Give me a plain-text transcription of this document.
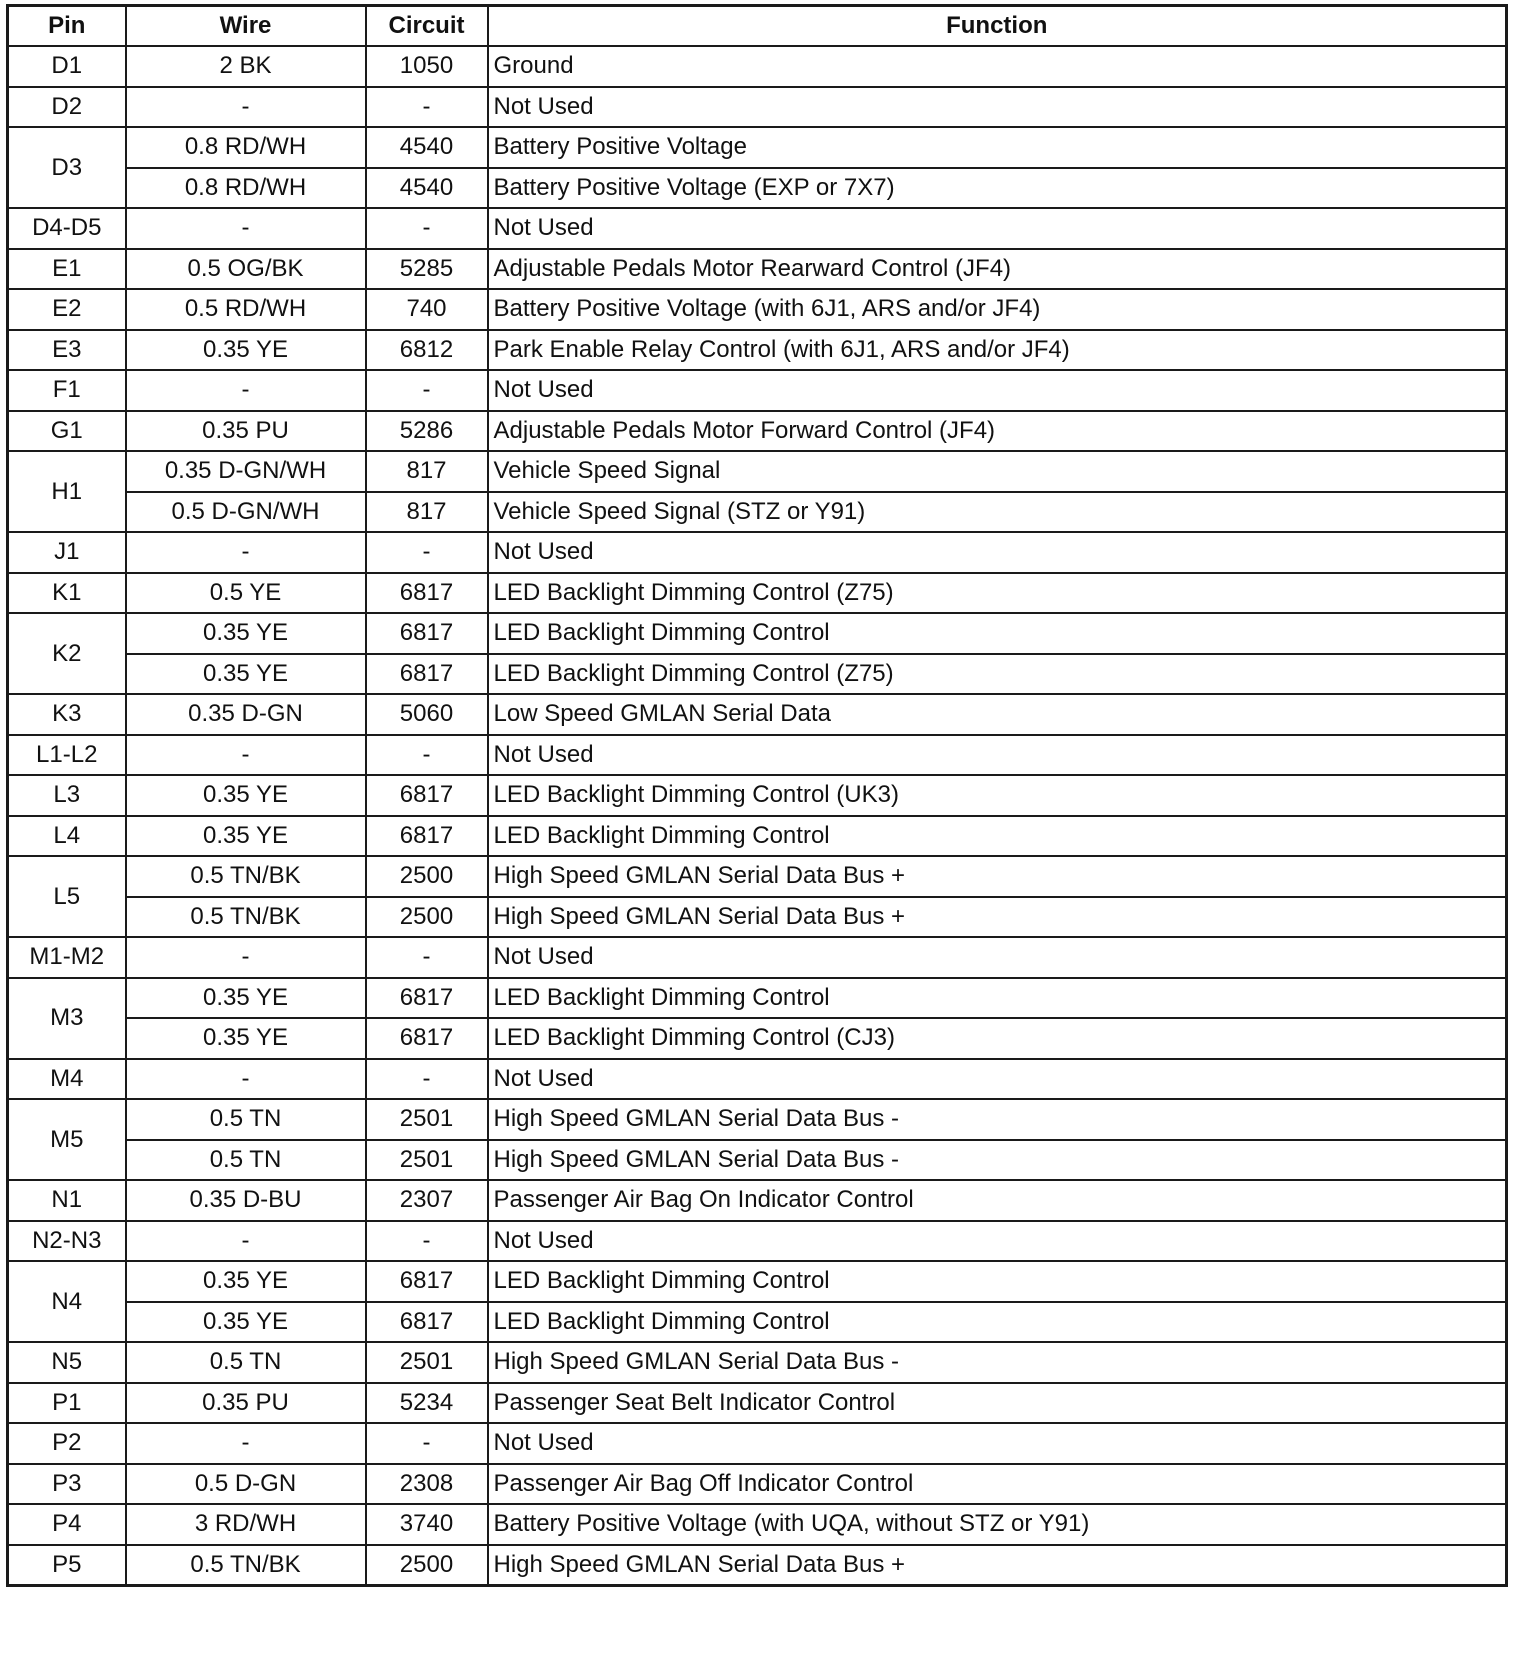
Pin	Wire	Circuit	Function
D1	2 BK	1050	Ground
D2	-	-	Not Used
D3	0.8 RD/WH	4540	Battery Positive Voltage
	0.8 RD/WH	4540	Battery Positive Voltage (EXP or 7X7)
D4-D5	-	-	Not Used
E1	0.5 OG/BK	5285	Adjustable Pedals Motor Rearward Control (JF4)
E2	0.5 RD/WH	740	Battery Positive Voltage (with 6J1, ARS and/or JF4)
E3	0.35 YE	6812	Park Enable Relay Control (with 6J1, ARS and/or JF4)
F1	-	-	Not Used
G1	0.35 PU	5286	Adjustable Pedals Motor Forward Control (JF4)
H1	0.35 D-GN/WH	817	Vehicle Speed Signal
	0.5 D-GN/WH	817	Vehicle Speed Signal (STZ or Y91)
J1	-	-	Not Used
K1	0.5 YE	6817	LED Backlight Dimming Control (Z75)
K2	0.35 YE	6817	LED Backlight Dimming Control
	0.35 YE	6817	LED Backlight Dimming Control (Z75)
K3	0.35 D-GN	5060	Low Speed GMLAN Serial Data
L1-L2	-	-	Not Used
L3	0.35 YE	6817	LED Backlight Dimming Control (UK3)
L4	0.35 YE	6817	LED Backlight Dimming Control
L5	0.5 TN/BK	2500	High Speed GMLAN Serial Data Bus +
	0.5 TN/BK	2500	High Speed GMLAN Serial Data Bus +
M1-M2	-	-	Not Used
M3	0.35 YE	6817	LED Backlight Dimming Control
	0.35 YE	6817	LED Backlight Dimming Control (CJ3)
M4	-	-	Not Used
M5	0.5 TN	2501	High Speed GMLAN Serial Data Bus -
	0.5 TN	2501	High Speed GMLAN Serial Data Bus -
N1	0.35 D-BU	2307	Passenger Air Bag On Indicator Control
N2-N3	-	-	Not Used
N4	0.35 YE	6817	LED Backlight Dimming Control
	0.35 YE	6817	LED Backlight Dimming Control
N5	0.5 TN	2501	High Speed GMLAN Serial Data Bus -
P1	0.35 PU	5234	Passenger Seat Belt Indicator Control
P2	-	-	Not Used
P3	0.5 D-GN	2308	Passenger Air Bag Off Indicator Control
P4	3 RD/WH	3740	Battery Positive Voltage (with UQA, without STZ or Y91)
P5	0.5 TN/BK	2500	High Speed GMLAN Serial Data Bus +
